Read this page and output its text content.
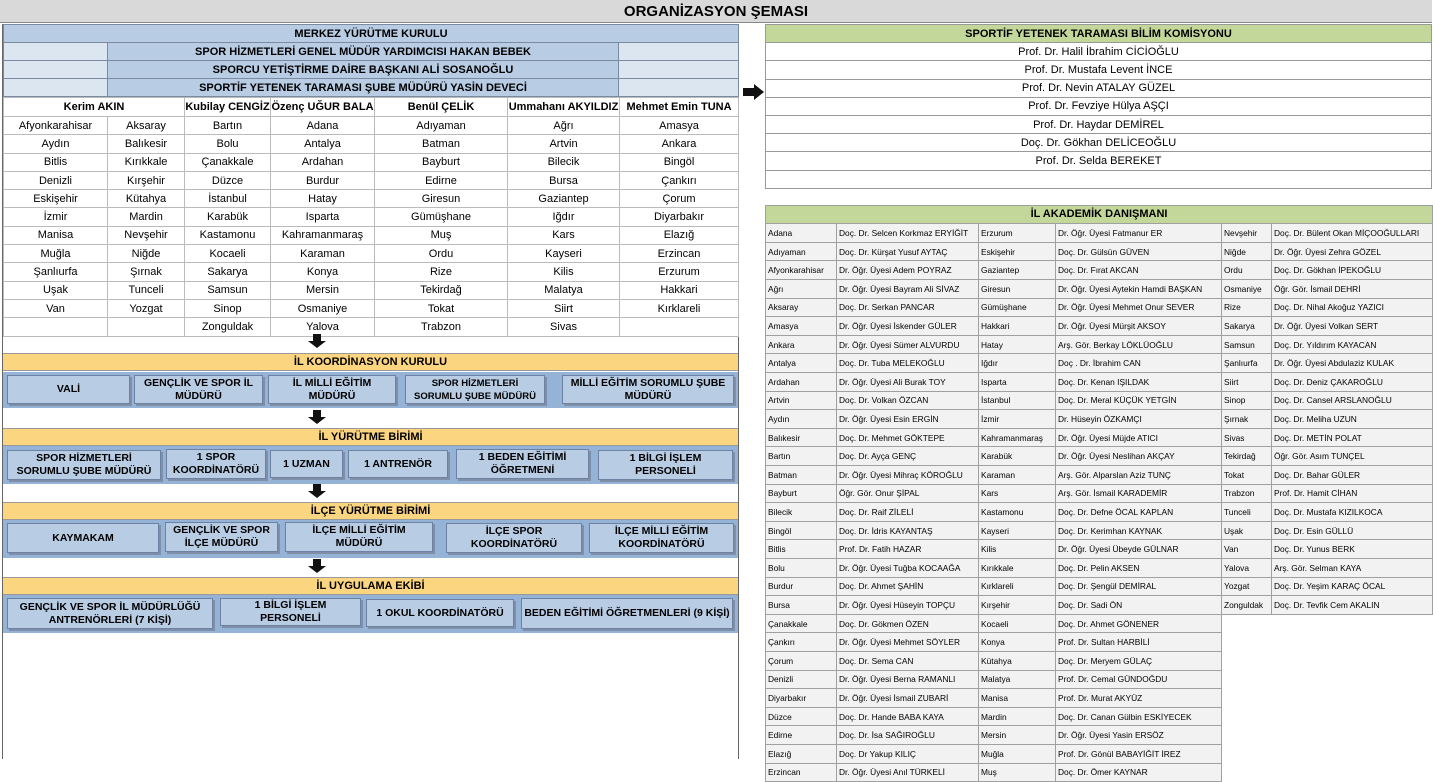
ORGANİZASYON ŞEMASI
MERKEZ YÜRÜTME KURULU		
	SPOR HİZMETLERİ GENEL MÜDÜR YARDIMCISI HAKAN BEBEK	
	SPORCU YETİŞTİRME DAİRE BAŞKANI ALİ SOSANOĞLU	
	SPORTİF YETENEK TARAMASI ŞUBE MÜDÜRÜ YASİN DEVECİ	
Kerim AKIN		Kubilay CENGİZ	Özenç UĞUR BALA	Benül ÇELİK	Ummahanı AKYILDIZ	Mehmet Emin TUNA
Afyonkarahisar	Aksaray	Bartın	Adana	Adıyaman	Ağrı	Amasya
Aydın	Balıkesir	Bolu	Antalya	Batman	Artvin	Ankara
Bitlis	Kırıkkale	Çanakkale	Ardahan	Bayburt	Bilecik	Bingöl
Denizli	Kırşehir	Düzce	Burdur	Edirne	Bursa	Çankırı
Eskişehir	Kütahya	İstanbul	Hatay	Giresun	Gaziantep	Çorum
İzmir	Mardin	Karabük	Isparta	Gümüşhane	Iğdır	Diyarbakır
Manisa	Nevşehir	Kastamonu	Kahramanmaraş	Muş	Kars	Elazığ
Muğla	Niğde	Kocaeli	Karaman	Ordu	Kayseri	Erzincan
Şanlıurfa	Şırnak	Sakarya	Konya	Rize	Kilis	Erzurum
Uşak	Tunceli	Samsun	Mersin	Tekirdağ	Malatya	Hakkari
Van	Yozgat	Sinop	Osmaniye	Tokat	Siirt	Kırklareli
		Zonguldak	Yalova	Trabzon	Sivas	
İL KOORDİNASYON KURULU
VALİ
GENÇLİK VE SPOR İL MÜDÜRÜ
İL MİLLİ EĞİTİM MÜDÜRÜ
SPOR HİZMETLERİ SORUMLU ŞUBE MÜDÜRÜ
MİLLİ EĞİTİM SORUMLU ŞUBE MÜDÜRÜ
İL YÜRÜTME BİRİMİ
SPOR HİZMETLERİ SORUMLU ŞUBE MÜDÜRÜ
1 SPOR KOORDİNATÖRÜ
1 UZMAN	1 ANTRENÖR
1 BEDEN EĞİTİMİ ÖĞRETMENİ
1 BİLGİ İŞLEM PERSONELİ
İLÇE YÜRÜTME BİRİMİ
KAYMAKAM
GENÇLİK VE SPOR İLÇE MÜDÜRÜ
İLÇE MİLLİ EĞİTİM MÜDÜRÜ
İLÇE SPOR KOORDİNATÖRÜ
İLÇE MİLLİ EĞİTİM KOORDİNATÖRÜ
İL UYGULAMA EKİBİ
GENÇLİK VE SPOR İL MÜDÜRLÜĞÜ ANTRENÖRLERİ (7 KİŞİ)
1 BİLGİ İŞLEM PERSONELİ	1 OKUL KOORDİNATÖRÜ	BEDEN EĞİTİMİ ÖĞRETMENLERİ (9 KİŞİ)
SPORTİF YETENEK TARAMASI BİLİM KOMİSYONU
Prof. Dr. Halil İbrahim CİCİOĞLU
Prof. Dr. Mustafa Levent İNCE
Prof. Dr. Nevin ATALAY GÜZEL
Prof. Dr. Fevziye Hülya AŞÇI
Prof. Dr. Haydar DEMİREL
Doç. Dr. Gökhan DELİCEOĞLU
Prof. Dr. Selda BEREKET

İL AKADEMİK DANIŞMANI					
Adana	Doç. Dr. Selcen Korkmaz ERYİĞİT	Erzurum	Dr. Öğr. Üyesi Fatmanur ER	Nevşehir	Doç. Dr. Bülent Okan MİÇOOĞULLARI
Adıyaman	Doç. Dr. Kürşat Yusuf AYTAÇ	Eskişehir	Doç. Dr. Gülsün GÜVEN	Niğde	Dr. Öğr. Üyesi Zehra GÖZEL
Afyonkarahisar	Dr. Öğr. Üyesi Adem POYRAZ	Gaziantep	Doç. Dr. Fırat AKCAN	Ordu	Doç. Dr. Gökhan İPEKOĞLU
Ağrı	Dr. Öğr. Üyesi Bayram Ali SİVAZ	Giresun	Dr. Öğr. Üyesi Aytekin Hamdi BAŞKAN	Osmaniye	Öğr. Gör. İsmail DEHRİ
Aksaray	Doç. Dr. Serkan PANCAR	Gümüşhane	Dr. Öğr. Üyesi Mehmet Onur SEVER	Rize	Doç. Dr. Nihal Akoğuz YAZICI
Amasya	Dr. Öğr. Üyesi İskender GÜLER	Hakkari	Dr. Öğr. Üyesi Mürşit AKSOY	Sakarya	Dr. Öğr. Üyesi Volkan SERT
Ankara	Dr. Öğr. Üyesi Sümer ALVURDU	Hatay	Arş. Gör. Berkay LÖKLÜOĞLU	Samsun	Doç. Dr. Yıldırım KAYACAN
Antalya	Doç. Dr. Tuba MELEKOĞLU	Iğdır	Doç . Dr. İbrahim CAN	Şanlıurfa	Dr. Öğr. Üyesi Abdulaziz KULAK
Ardahan	Dr. Öğr. Üyesi Ali Burak TOY	Isparta	Doç. Dr. Kenan IŞILDAK	Siirt	Doç. Dr. Deniz ÇAKAROĞLU
Artvin	Doç. Dr. Volkan ÖZCAN	İstanbul	Doç. Dr. Meral KÜÇÜK YETGİN	Sinop	Doç. Dr. Cansel ARSLANOĞLU
Aydın	Dr. Öğr. Üyesi Esin ERGİN	İzmir	Dr. Hüseyin ÖZKAMÇI	Şırnak	Doç. Dr. Meliha UZUN
Balıkesir	Doç. Dr. Mehmet GÖKTEPE	Kahramanmaraş	Dr. Öğr. Üyesi Müjde ATICI	Sivas	Doç. Dr. METİN POLAT
Bartın	Doç. Dr. Ayça GENÇ	Karabük	Dr. Öğr. Üyesi Neslihan AKÇAY	Tekirdağ	Öğr. Gör. Asım TUNÇEL
Batman	Dr. Öğr. Üyesi Mihraç KÖROĞLU	Karaman	Arş. Gör. Alparslan Aziz TUNÇ	Tokat	Doç. Dr. Bahar GÜLER
Bayburt	Öğr. Gör. Onur ŞİPAL	Kars	Arş. Gör. İsmail KARADEMİR	Trabzon	Prof. Dr. Hamit CİHAN
Bilecik	Doç. Dr. Raif ZİLELİ	Kastamonu	Doç. Dr. Defne ÖCAL KAPLAN	Tunceli	Doç. Dr. Mustafa KIZILKOCA
Bingöl	Doç. Dr. İdris KAYANTAŞ	Kayseri	Doç. Dr. Kerimhan KAYNAK	Uşak	Doç. Dr. Esin GÜLLÜ
Bitlis	Prof. Dr. Fatih HAZAR	Kilis	Dr. Öğr. Üyesi Übeyde GÜLNAR	Van	Doç. Dr. Yunus BERK
Bolu	Dr. Öğr. Üyesi Tuğba KOCAAĞA	Kırıkkale	Doç. Dr. Pelin AKSEN	Yalova	Arş. Gör. Selman KAYA
Burdur	Doç. Dr. Ahmet ŞAHİN	Kırklareli	Doç. Dr. Şengül DEMİRAL	Yozgat	Doç. Dr. Yeşim KARAÇ ÖCAL
Bursa	Dr. Öğr. Üyesi Hüseyin TOPÇU	Kırşehir	Doç. Dr. Sadi ÖN	Zonguldak	Doç. Dr. Tevfik Cem AKALIN
Çanakkale	Doç. Dr. Gökmen ÖZEN	Kocaeli	Doç. Dr. Ahmet GÖNENER		
Çankırı	Dr. Öğr. Üyesi Mehmet SÖYLER	Konya	Prof. Dr. Sultan HARBİLİ		
Çorum	Doç. Dr. Sema CAN	Kütahya	Doç. Dr. Meryem GÜLAÇ		
Denizli	Dr. Öğr. Üyesi Berna RAMANLI	Malatya	Prof. Dr. Cemal GÜNDOĞDU		
Diyarbakır	Dr. Öğr. Üyesi İsmail ZUBARİ	Manisa	Prof. Dr. Murat AKYÜZ		
Düzce	Doç. Dr. Hande BABA KAYA	Mardin	Doç. Dr. Canan Gülbin ESKİYECEK		
Edirne	Doç. Dr. İsa SAĞIROĞLU	Mersin	Dr. Öğr. Üyesi Yasin ERSÖZ		
Elazığ	Doç. Dr Yakup KILIÇ	Muğla	Prof. Dr. Gönül BABAYİĞİT İREZ		
Erzincan	Dr. Öğr. Üyesi Anıl TÜRKELİ	Muş	Doç. Dr. Ömer KAYNAR		
